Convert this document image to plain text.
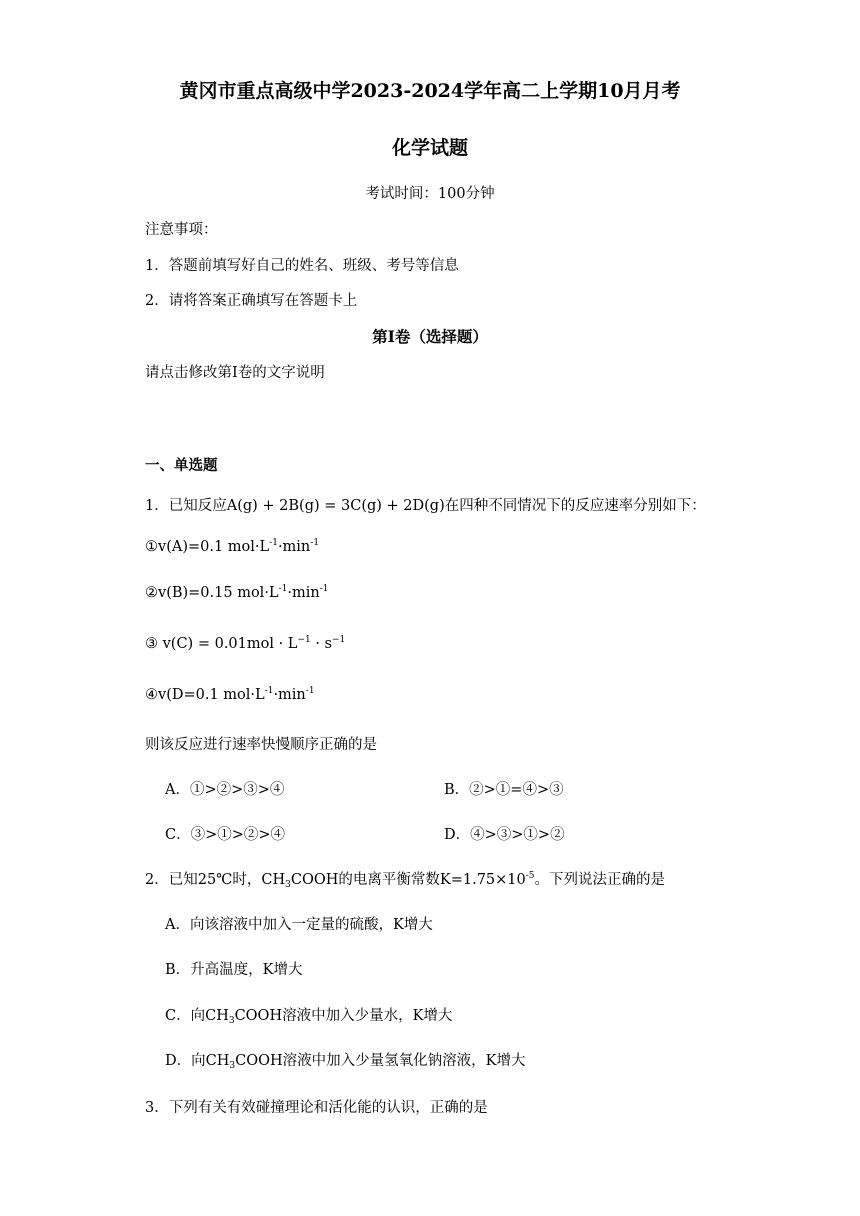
黄冈市重点高级中学2023-2024学年高二上学期10月月考
化学试题
考试时间：100分钟
注意事项：
1．答题前填写好自己的姓名、班级、考号等信息
2．请将答案正确填写在答题卡上
第I卷（选择题）
请点击修改第I卷的文字说明
一、单选题
1．已知反应A(g) + 2B(g) = 3C(g) + 2D(g)在四种不同情况下的反应速率分别如下：
①v(A)=0.1 $mol\cdot L^{-1}\cdot\min^{-1}$
②v(B)=0.15 $mol\cdot L^{-1}\cdot\min^{-1}$
③ $v(C) = 0.01mol \cdot L^{-1} \cdot s^{-1}$
④v(D=0.1 $mol\cdot L^{-1}\cdot\min^{-1}$
则该反应进行速率快慢顺序正确的是
A．①>②>③>④	B．②>①=④>③
C．③>①>②>④	D．④>③>①>②
2．已知25℃时，$CH_3COOH$的电离平衡常数$K=1.75\times 10^{-5}$。下列说法正确的是
A．向该溶液中加入一定量的硫酸，K增大
B．升高温度，K增大
C．向$CH_3COOH$溶液中加入少量水，K增大
D．向$CH_3COOH$溶液中加入少量氢氧化钠溶液，K增大
3．下列有关有效碰撞理论和活化能的认识，正确的是
